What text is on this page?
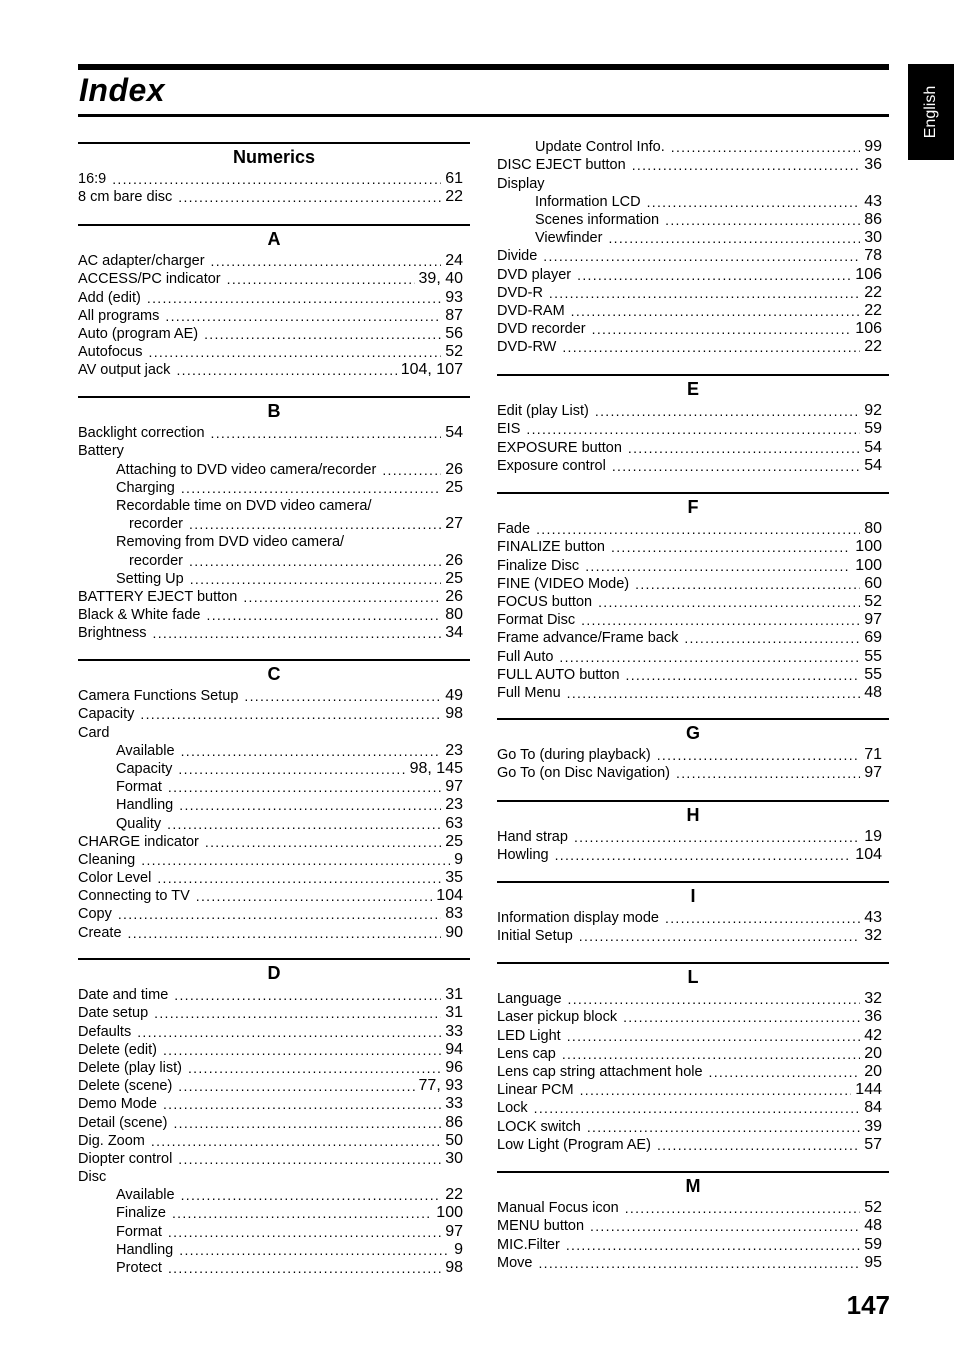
Index	English
Numerics
16:9 .....	61
8 cm bare disc .....	22
A
AC adapter/charger .....	24
ACCESS/PC indicator .....	39, 40
Add (edit) .....	93
All programs .....	87
Auto (program AE) .....	56
Autofocus .....	52
AV output jack .....	104, 107
B
Backlight correction .....	54
Battery
Attaching to DVD video camera/recorder .....	26
Charging .....	25
Recordable time on DVD video camera/
recorder .....	27
Removing from DVD video camera/
recorder .....	26
Setting Up .....	25
BATTERY EJECT button .....	26
Black & White fade .....	80
Brightness .....	34
C
Camera Functions Setup .....	49
Capacity .....	98
Card
Available .....	23
Capacity .....	98, 145
Format .....	97
Handling .....	23
Quality .....	63
CHARGE indicator .....	25
Cleaning .....	9
Color Level .....	35
Connecting to TV .....	104
Copy .....	83
Create .....	90
D
Date and time .....	31
Date setup .....	31
Defaults .....	33
Delete (edit) .....	94
Delete (play list) .....	96
Delete (scene) .....	77, 93
Demo Mode .....	33
Detail (scene) .....	86
Dig. Zoom .....	50
Diopter control .....	30
Disc
Available .....	22
Finalize .....	100
Format .....	97
Handling .....	9
Protect .....	98
Update Control Info. .....	99
DISC EJECT button .....	36
Display
Information LCD .....	43
Scenes information .....	86
Viewfinder .....	30
Divide .....	78
DVD player .....	106
DVD-R .....	22
DVD-RAM .....	22
DVD recorder .....	106
DVD-RW .....	22
E
Edit (play List) .....	92
EIS .....	59
EXPOSURE button .....	54
Exposure control .....	54
F
Fade .....	80
FINALIZE button .....	100
Finalize Disc .....	100
FINE (VIDEO Mode) .....	60
FOCUS button .....	52
Format Disc .....	97
Frame advance/Frame back .....	69
Full Auto .....	55
FULL AUTO button .....	55
Full Menu .....	48
G
Go To (during playback) .....	71
Go To (on Disc Navigation) .....	97
H
Hand strap .....	19
Howling .....	104
I
Information display mode .....	43
Initial Setup .....	32
L
Language .....	32
Laser pickup block .....	36
LED Light .....	42
Lens cap .....	20
Lens cap string attachment hole .....	20
Linear PCM .....	144
Lock .....	84
LOCK switch .....	39
Low Light (Program AE) .....	57
M
Manual Focus icon .....	52
MENU button .....	48
MIC.Filter .....	59
Move .....	95
147
